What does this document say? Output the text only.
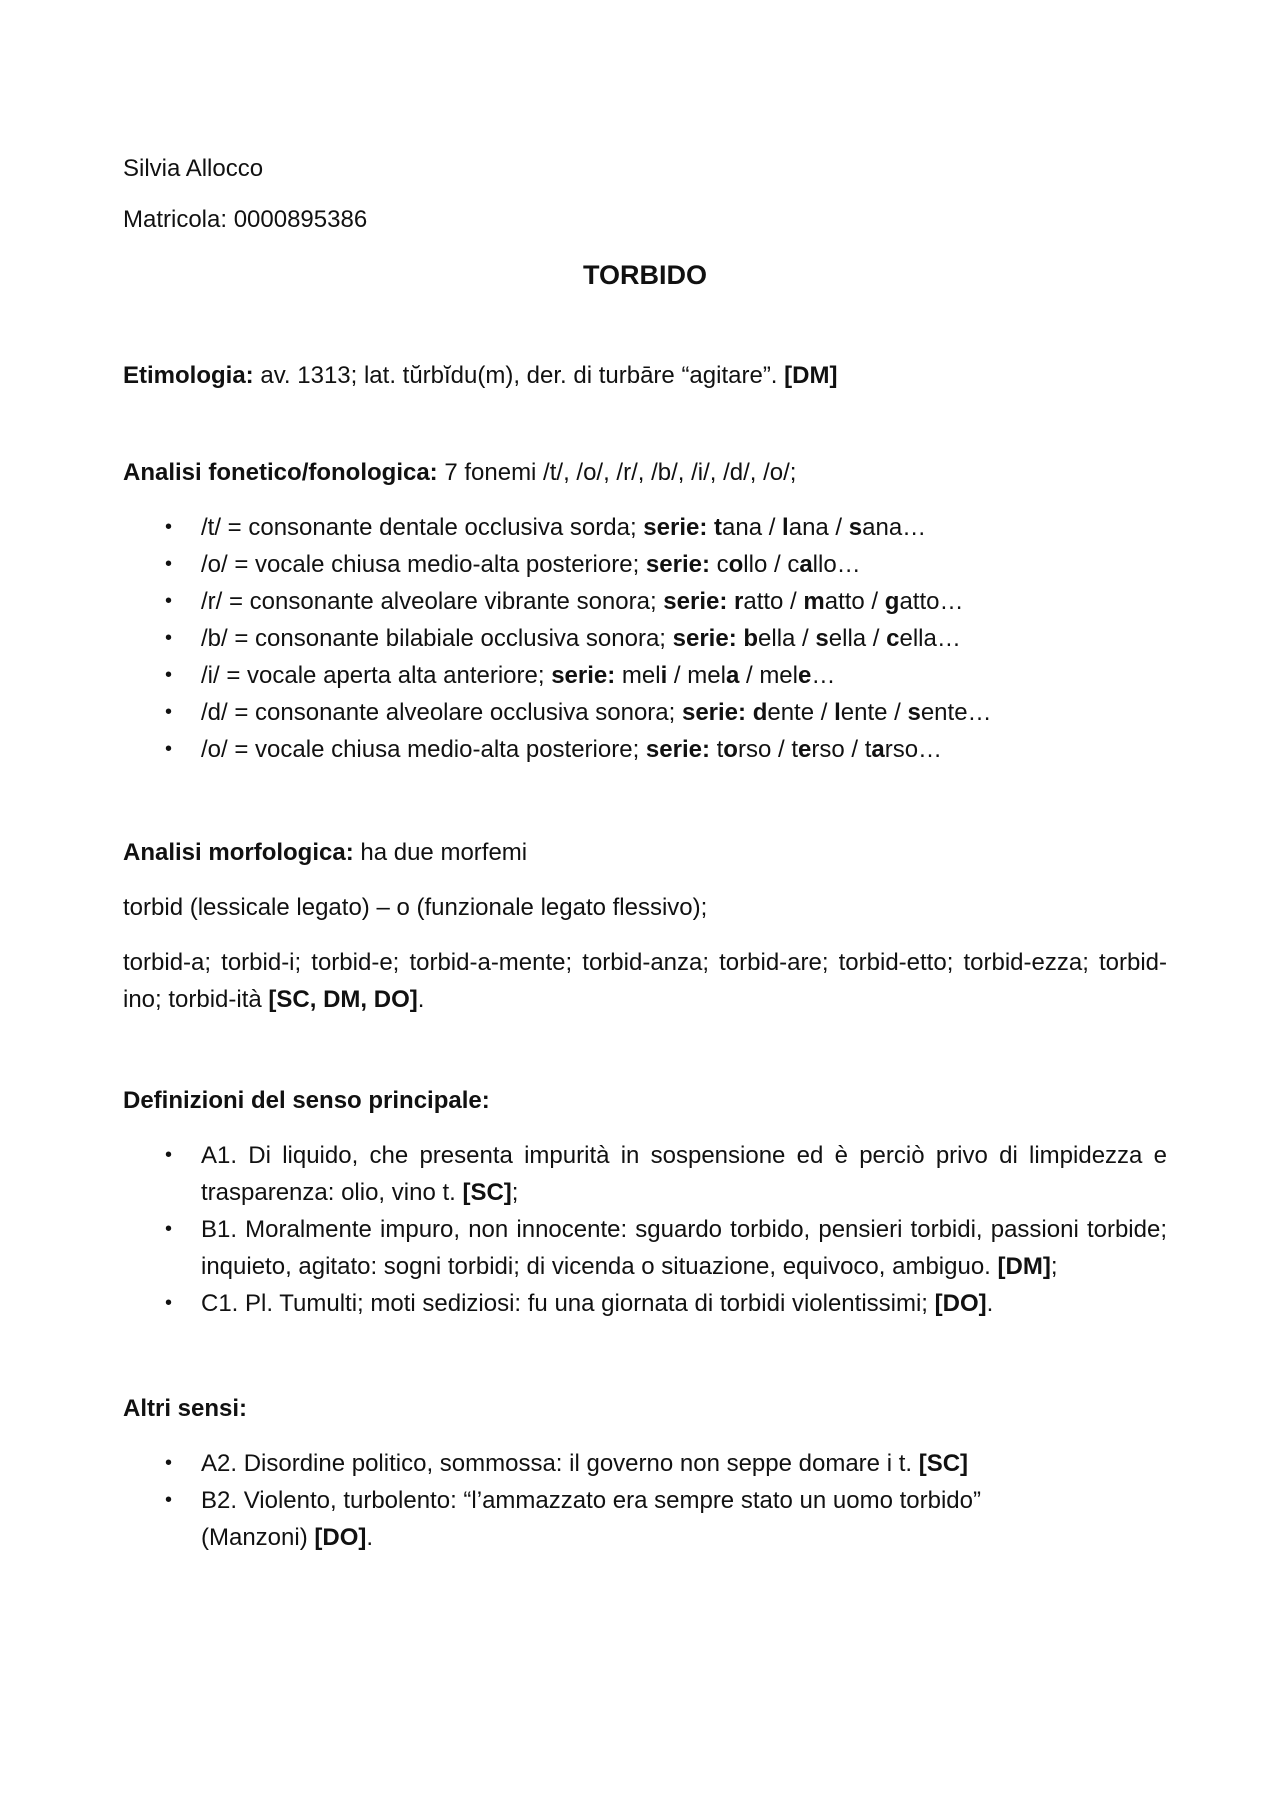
Silvia Allocco

Matricola: 0000895386

TORBIDO

Etimologia: av. 1313; lat. tŭrbĭdu(m), der. di turbāre “agitare”. [DM]

Analisi fonetico/fonologica: 7 fonemi /t/, /o/, /r/, /b/, /i/, /d/, /o/;

• /t/ = consonante dentale occlusiva sorda; serie: tana / lana / sana…
• /o/ = vocale chiusa medio-alta posteriore; serie: collo / callo…
• /r/ = consonante alveolare vibrante sonora; serie: ratto / matto / gatto…
• /b/ = consonante bilabiale occlusiva sonora; serie: bella / sella / cella…
• /i/ = vocale aperta alta anteriore; serie: meli / mela / mele…
• /d/ = consonante alveolare occlusiva sonora; serie: dente / lente / sente…
• /o/ = vocale chiusa medio-alta posteriore; serie: torso / terso / tarso…

Analisi morfologica: ha due morfemi

torbid (lessicale legato) – o (funzionale legato flessivo);

torbid-a; torbid-i; torbid-e; torbid-a-mente; torbid-anza; torbid-are; torbid-etto; torbid-ezza; torbid-ino; torbid-ità [SC, DM, DO].

Definizioni del senso principale:

• A1. Di liquido, che presenta impurità in sospensione ed è perciò privo di limpidezza e trasparenza: olio, vino t. [SC];
• B1. Moralmente impuro, non innocente: sguardo torbido, pensieri torbidi, passioni torbide; inquieto, agitato: sogni torbidi; di vicenda o situazione, equivoco, ambiguo. [DM];
• C1. Pl. Tumulti; moti sediziosi: fu una giornata di torbidi violentissimi; [DO].

Altri sensi:

• A2. Disordine politico, sommossa: il governo non seppe domare i t. [SC]
• B2. Violento, turbolento: “l’ammazzato era sempre stato un uomo torbido” (Manzoni) [DO].
